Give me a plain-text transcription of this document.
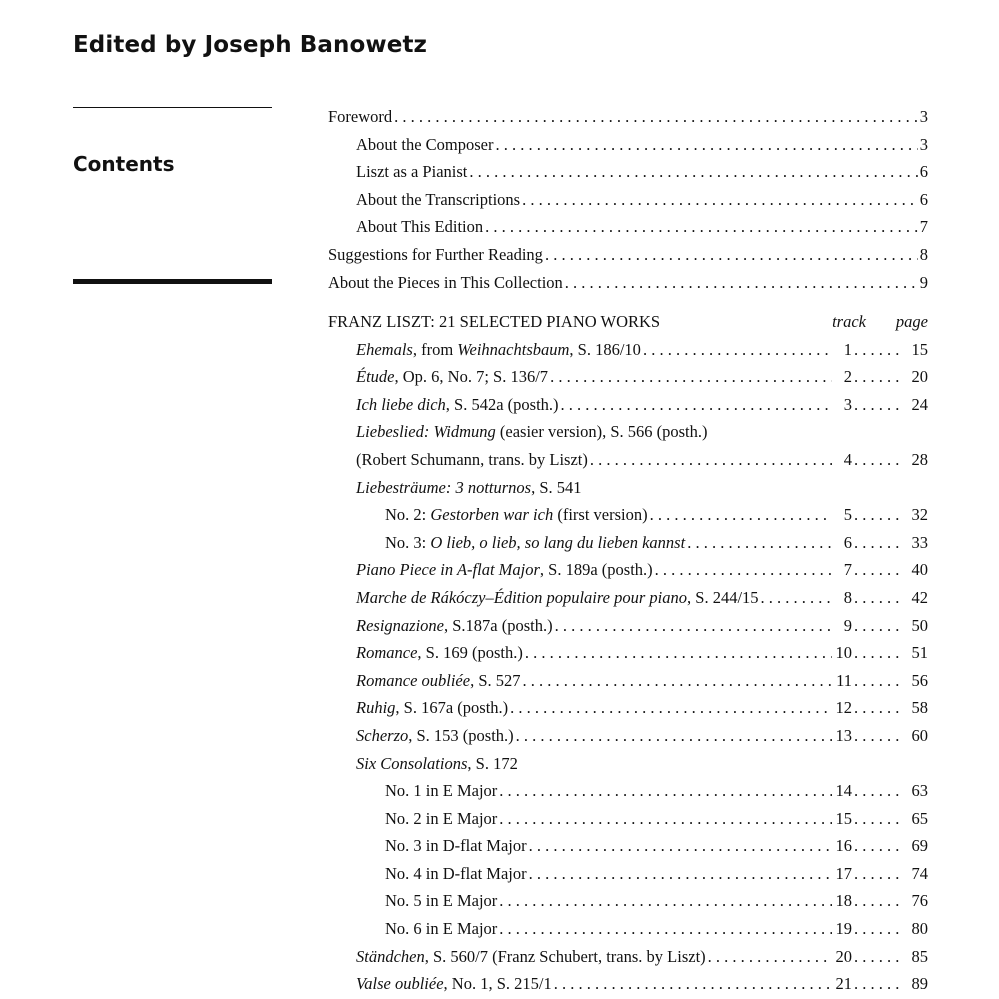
Edited by Joseph Banowetz
Contents
Foreword . . .	3
About the Composer . . .	3
Liszt as a Pianist . . .	6
About the Transcriptions . . .	6
About This Edition . . .	7
Suggestions for Further Reading . . .	8
About the Pieces in This Collection . . .	9
FRANZ LISZT: 21 SELECTED PIANO WORKS	track page
Ehemals, from Weihnachtsbaum, S. 186/10 . . .	1 . . .	15
Étude, Op. 6, No. 7; S. 136/7 . . .	2 . . .	20
Ich liebe dich, S. 542a (posth.) . . .	3 . . .	24
Liebeslied: Widmung (easier version), S. 566 (posth.)
(Robert Schumann, trans. by Liszt) . . .	4 . . .	28
Liebesträume: 3 notturnos, S. 541
No. 2: Gestorben war ich (first version) . . .	5 . . .	32
No. 3: O lieb, o lieb, so lang du lieben kannst . . .	6 . . .	33
Piano Piece in A-flat Major, S. 189a (posth.) . . .	7 . . .	40
Marche de Rákóczy–Édition populaire pour piano, S. 244/15 . . .	8 . . .	42
Resignazione, S.187a (posth.) . . .	9 . . .	50
Romance, S. 169 (posth.) . . .	10 . . .	51
Romance oubliée, S. 527 . . .	11 . . .	56
Ruhig, S. 167a (posth.) . . .	12 . . .	58
Scherzo, S. 153 (posth.) . . .	13 . . .	60
Six Consolations, S. 172
No. 1 in E Major . . .	14 . . .	63
No. 2 in E Major . . .	15 . . .	65
No. 3 in D-flat Major . . .	16 . . .	69
No. 4 in D-flat Major . . .	17 . . .	74
No. 5 in E Major . . .	18 . . .	76
No. 6 in E Major . . .	19 . . .	80
Ständchen, S. 560/7 (Franz Schubert, trans. by Liszt) . . .	20 . . .	85
Valse oubliée, No. 1, S. 215/1 . . .	21 . . .	89
